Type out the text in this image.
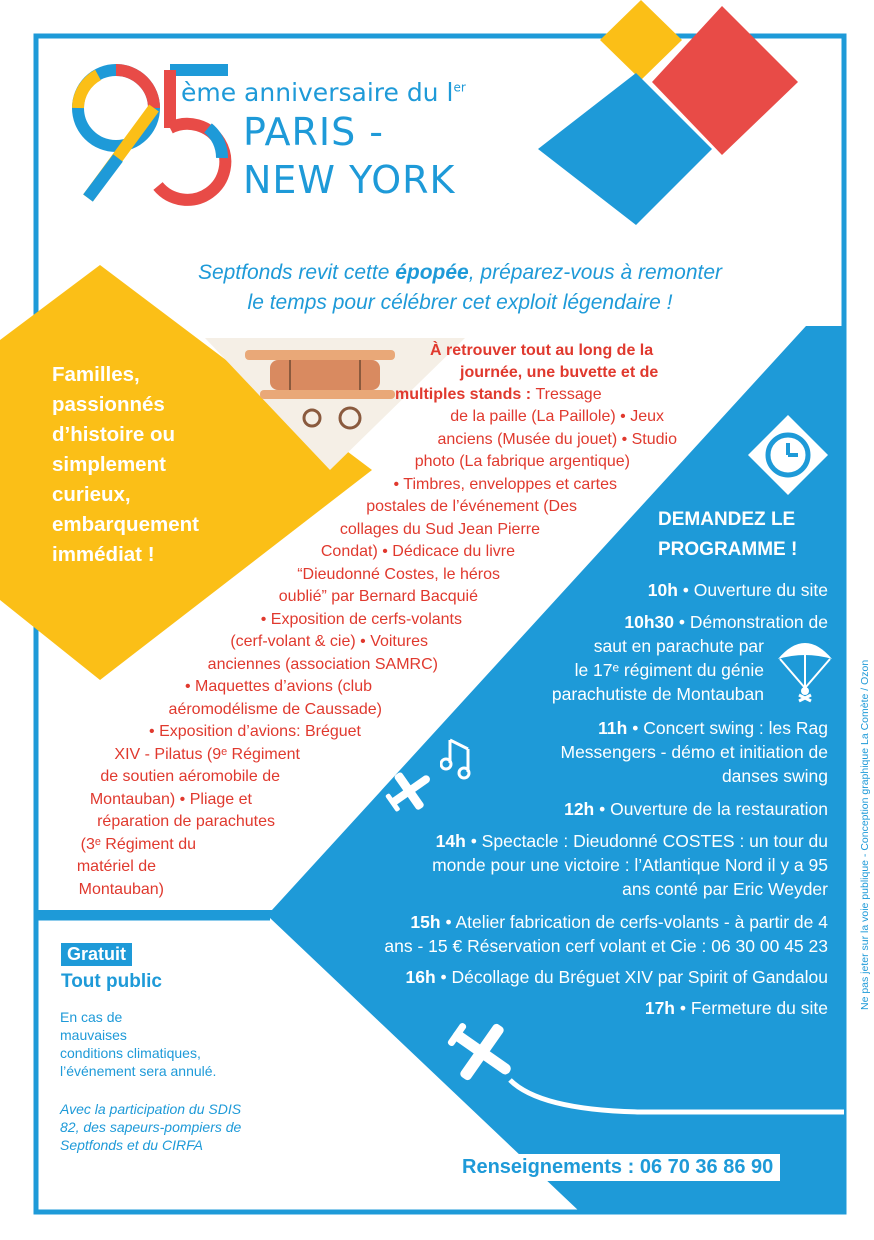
ème anniversaire du $l^{er}$
PARIS -
NEW YORK
Septfonds revit cette épopée, préparez-vous à remonter
le temps pour célébrer cet exploit légendaire !
Familles,
passionnés
d’histoire ou
simplement
curieux,
embarquement
immédiat !
À retrouver tout au long de la
journée, une buvette et de
multiples stands : Tressage
de la paille (La Paillole) • Jeux
anciens (Musée du jouet) • Studio
photo (La fabrique argentique)
• Timbres, enveloppes et cartes
postales de l’événement (Des
collages du Sud Jean Pierre
Condat) • Dédicace du livre
“Dieudonné Costes, le héros
oublié” par Bernard Bacquié
• Exposition de cerfs-volants
(cerf-volant & cie) • Voitures
anciennes (association SAMRC)
• Maquettes d’avions (club
aéromodélisme de Caussade)
• Exposition d’avions: Bréguet
XIV - Pilatus (9ᵉ Régiment
de soutien aéromobile de
Montauban) • Pliage et
réparation de parachutes
(3ᵉ Régiment du
matériel de
Montauban)
DEMANDEZ LE
PROGRAMME !
10h • Ouverture du site
10h30 • Démonstration de
saut en parachute par
le 17ᵉ régiment du génie
parachutiste de Montauban
11h • Concert swing : les Rag
Messengers - démo et initiation de
danses swing
12h • Ouverture de la restauration
14h • Spectacle : Dieudonné COSTES : un tour du
monde pour une victoire : l’Atlantique Nord il y a 95
ans conté par Eric Weyder
15h • Atelier fabrication de cerfs-volants - à partir de 4
ans - 15 € Réservation cerf volant et Cie : 06 30 00 45 23
16h • Décollage du Bréguet XIV par Spirit of Gandalou
17h • Fermeture du site
Gratuit
Tout public
En cas de
mauvaises
conditions climatiques,
l’événement sera annulé.
Avec la participation du SDIS
82, des sapeurs-pompiers de
Septfonds et du CIRFA
Renseignements : 06 70 36 86 90
Ne pas jeter sur la voie publique - Conception graphique La Comète / Ozon
